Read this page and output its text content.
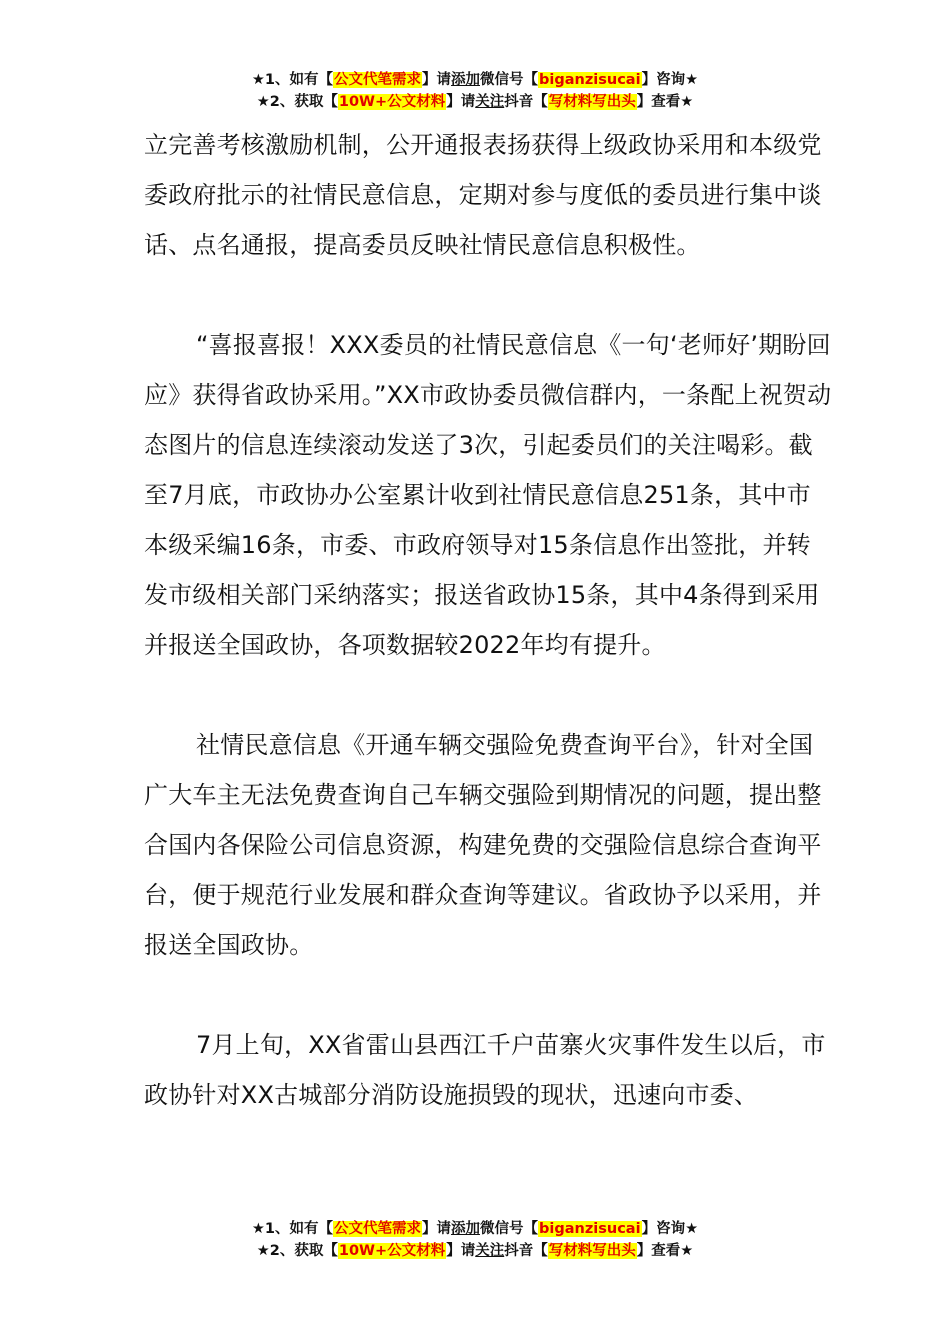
★1、如有【公文代笔需求】请添加微信号【biganzisucai】咨询★
★2、获取【10W+公文材料】请关注抖音【写材料写出头】查看★

立完善考核激励机制，公开通报表扬获得上级政协采用和本级党委政府批示的社情民意信息，定期对参与度低的委员进行集中谈话、点名通报，提高委员反映社情民意信息积极性。

“喜报喜报！XXX委员的社情民意信息《一句‘老师好’期盼回应》获得省政协采用。”XX市政协委员微信群内，一条配上祝贺动态图片的信息连续滚动发送了3次，引起委员们的关注喝彩。截至7月底，市政协办公室累计收到社情民意信息251条，其中市本级采编16条，市委、市政府领导对15条信息作出签批，并转发市级相关部门采纳落实；报送省政协15条，其中4条得到采用并报送全国政协，各项数据较2022年均有提升。

社情民意信息《开通车辆交强险免费查询平台》，针对全国广大车主无法免费查询自己车辆交强险到期情况的问题，提出整合国内各保险公司信息资源，构建免费的交强险信息综合查询平台，便于规范行业发展和群众查询等建议。省政协予以采用，并报送全国政协。

7月上旬，XX省雷山县西江千户苗寨火灾事件发生以后，市政协针对XX古城部分消防设施损毁的现状，迅速向市委、

★1、如有【公文代笔需求】请添加微信号【biganzisucai】咨询★
★2、获取【10W+公文材料】请关注抖音【写材料写出头】查看★
